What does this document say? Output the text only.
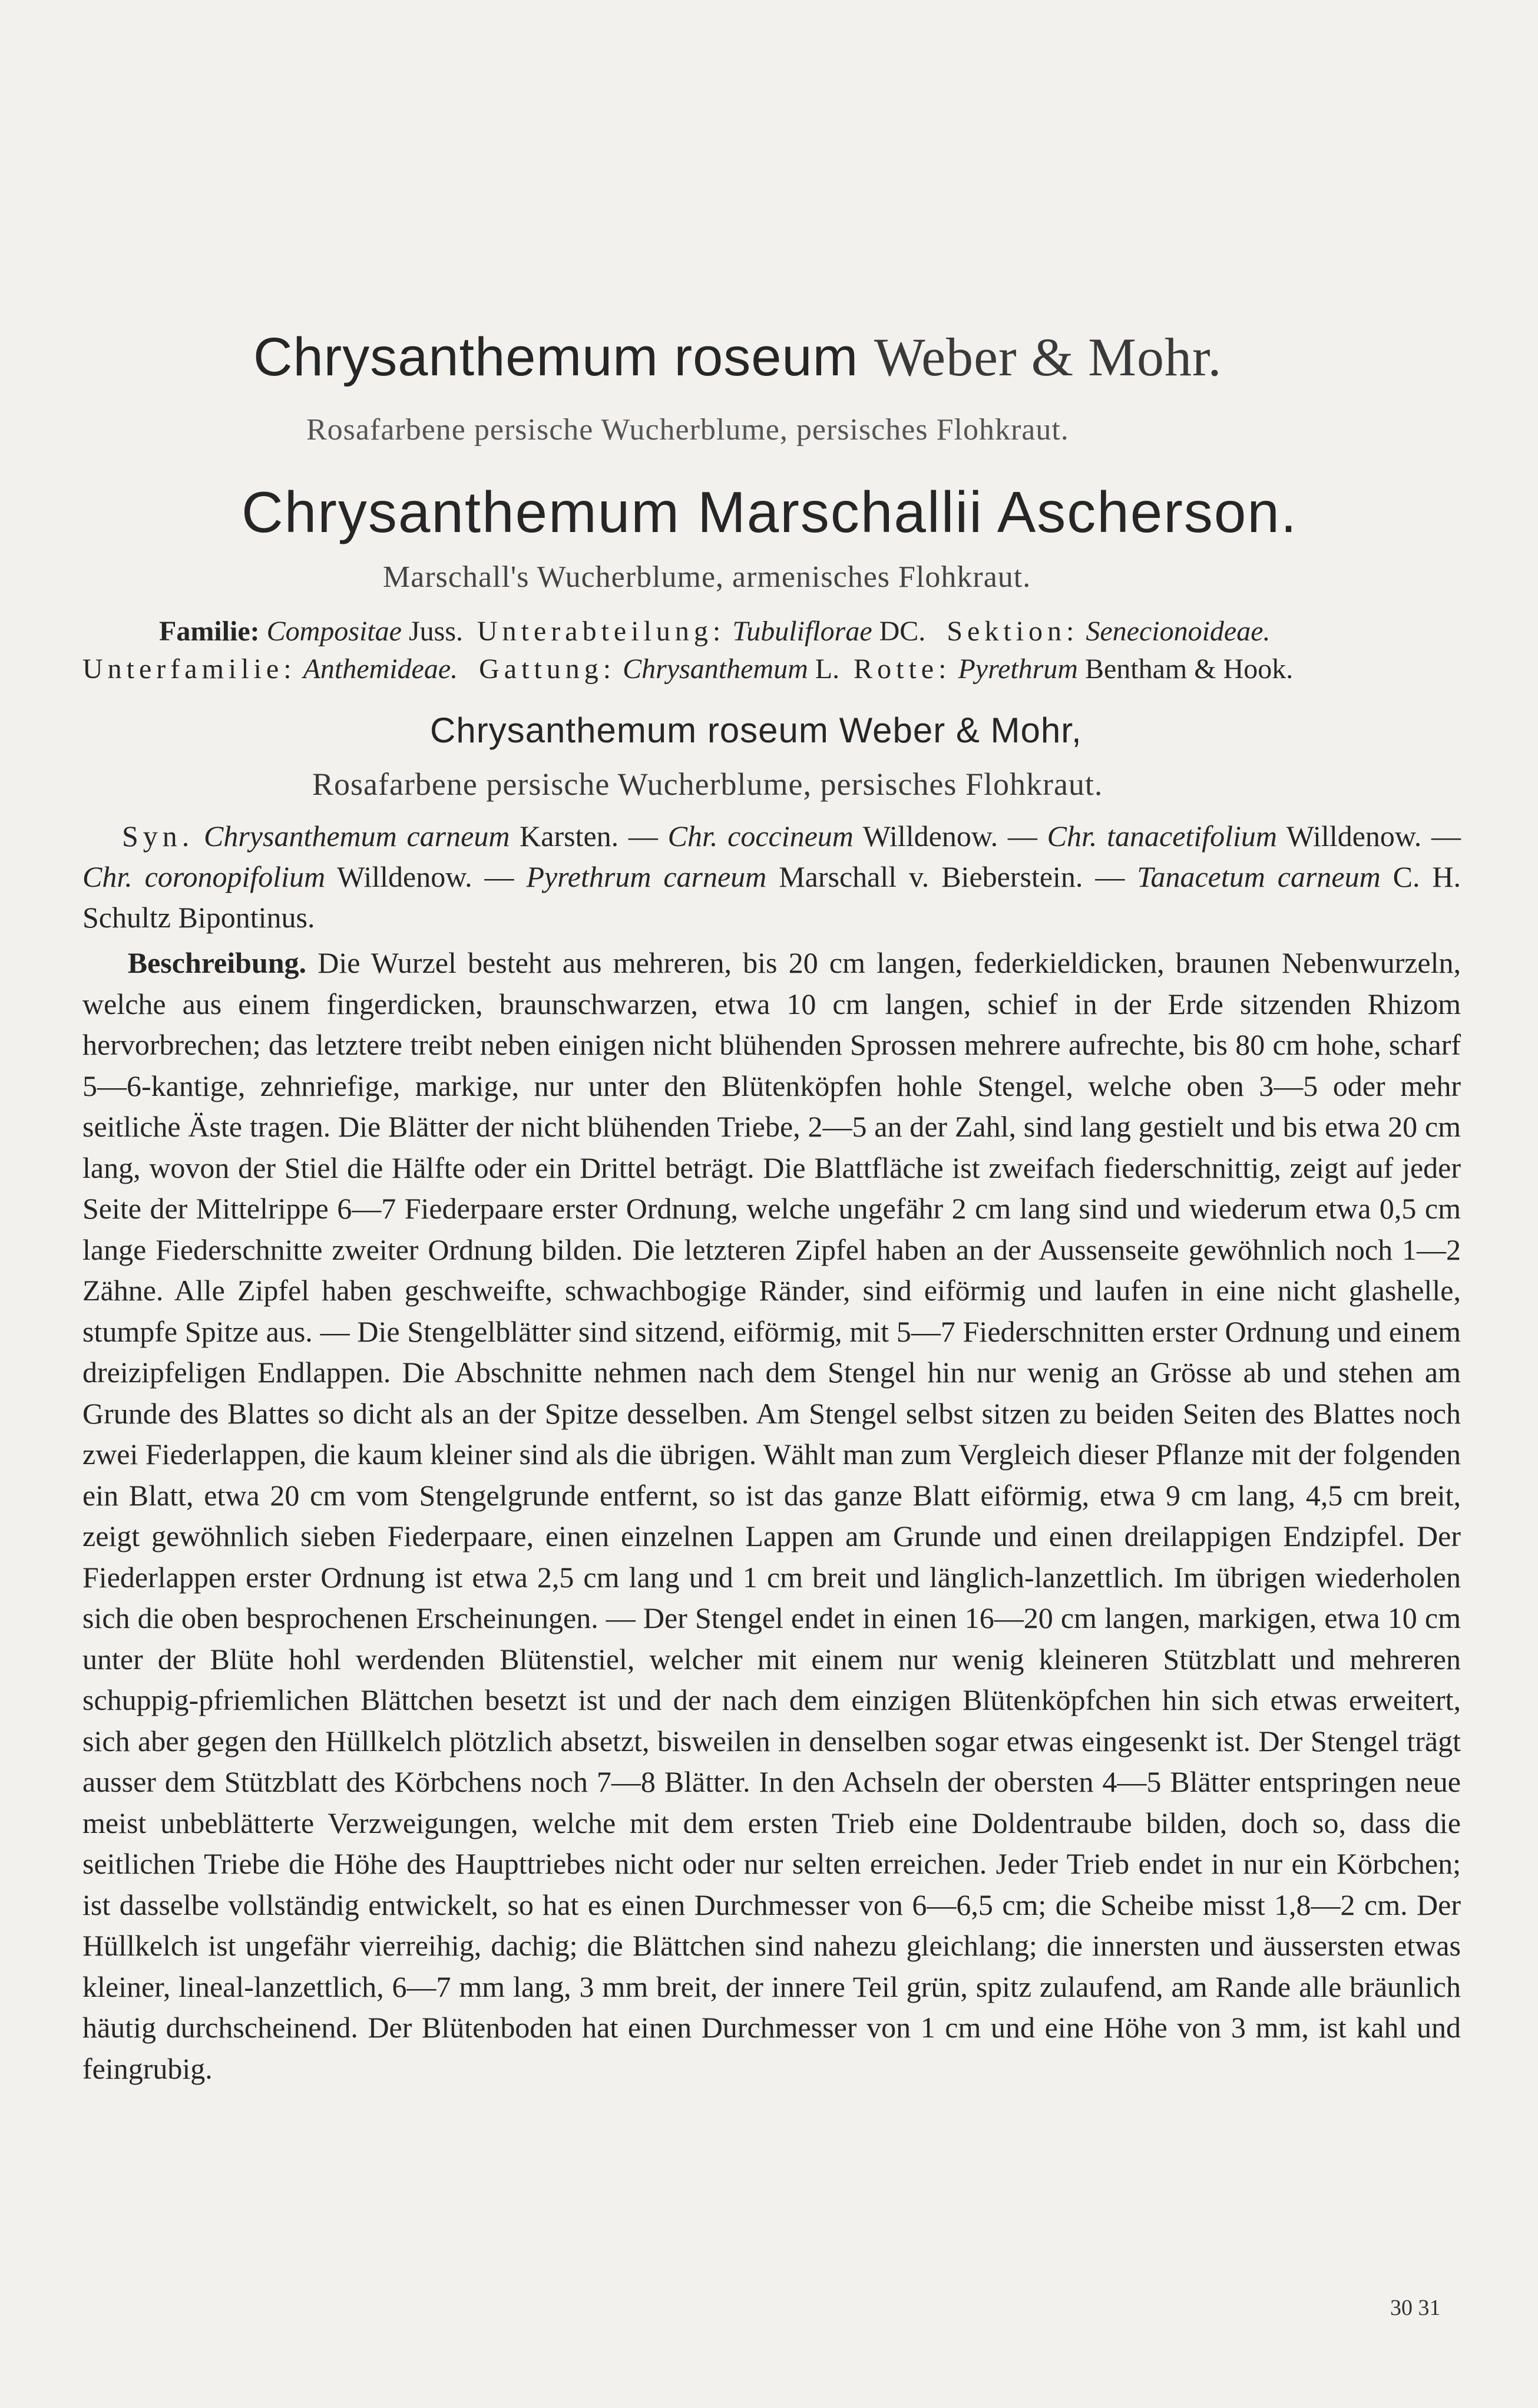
Chrysanthemum roseum Weber & Mohr.
Rosafarbene persische Wucherblume, persisches Flohkraut.
Chrysanthemum Marschallii Ascherson.
Marschall's Wucherblume, armenisches Flohkraut.
Familie: Compositae Juss. Unterabteilung: Tubuliflorae DC. Sektion: Senecionoideae.
Unterfamilie: Anthemideae. Gattung: Chrysanthemum L. Rotte: Pyrethrum Bentham & Hook.
Chrysanthemum roseum Weber & Mohr,
Rosafarbene persische Wucherblume, persisches Flohkraut.
Syn. Chrysanthemum carneum Karsten. — Chr. coccineum Willdenow. — Chr. tanacetifolium Willdenow. — Chr. coronopifolium Willdenow. — Pyrethrum carneum Marschall v. Bieberstein. — Tanacetum carneum C. H. Schultz Bipontinus.
Beschreibung. Die Wurzel besteht aus mehreren, bis 20 cm langen, federkieldicken, braunen Nebenwurzeln, welche aus einem fingerdicken, braunschwarzen, etwa 10 cm langen, schief in der Erde sitzenden Rhizom hervorbrechen; das letztere treibt neben einigen nicht blühenden Sprossen mehrere aufrechte, bis 80 cm hohe, scharf 5—6-kantige, zehnriefige, markige, nur unter den Blütenköpfen hohle Stengel, welche oben 3—5 oder mehr seitliche Äste tragen. Die Blätter der nicht blühenden Triebe, 2—5 an der Zahl, sind lang gestielt und bis etwa 20 cm lang, wovon der Stiel die Hälfte oder ein Drittel beträgt. Die Blattfläche ist zweifach fiederschnittig, zeigt auf jeder Seite der Mittelrippe 6—7 Fiederpaare erster Ordnung, welche ungefähr 2 cm lang sind und wiederum etwa 0,5 cm lange Fiederschnitte zweiter Ordnung bilden. Die letzteren Zipfel haben an der Aussenseite gewöhnlich noch 1—2 Zähne. Alle Zipfel haben geschweifte, schwachbogige Ränder, sind eiförmig und laufen in eine nicht glashelle, stumpfe Spitze aus. — Die Stengelblätter sind sitzend, eiförmig, mit 5—7 Fiederschnitten erster Ordnung und einem dreizipfeligen Endlappen. Die Abschnitte nehmen nach dem Stengel hin nur wenig an Grösse ab und stehen am Grunde des Blattes so dicht als an der Spitze desselben. Am Stengel selbst sitzen zu beiden Seiten des Blattes noch zwei Fiederlappen, die kaum kleiner sind als die übrigen. Wählt man zum Vergleich dieser Pflanze mit der folgenden ein Blatt, etwa 20 cm vom Stengelgrunde entfernt, so ist das ganze Blatt eiförmig, etwa 9 cm lang, 4,5 cm breit, zeigt gewöhnlich sieben Fiederpaare, einen einzelnen Lappen am Grunde und einen dreilappigen Endzipfel. Der Fiederlappen erster Ordnung ist etwa 2,5 cm lang und 1 cm breit und länglich-lanzettlich. Im übrigen wiederholen sich die oben besprochenen Erscheinungen. — Der Stengel endet in einen 16—20 cm langen, markigen, etwa 10 cm unter der Blüte hohl werdenden Blütenstiel, welcher mit einem nur wenig kleineren Stützblatt und mehreren schuppig-pfriemlichen Blättchen besetzt ist und der nach dem einzigen Blütenköpfchen hin sich etwas erweitert, sich aber gegen den Hüllkelch plötzlich absetzt, bisweilen in denselben sogar etwas eingesenkt ist. Der Stengel trägt ausser dem Stützblatt des Körbchens noch 7—8 Blätter. In den Achseln der obersten 4—5 Blätter entspringen neue meist unbeblätterte Verzweigungen, welche mit dem ersten Trieb eine Doldentraube bilden, doch so, dass die seitlichen Triebe die Höhe des Haupttriebes nicht oder nur selten erreichen. Jeder Trieb endet in nur ein Körbchen; ist dasselbe vollständig entwickelt, so hat es einen Durchmesser von 6—6,5 cm; die Scheibe misst 1,8—2 cm. Der Hüllkelch ist ungefähr vierreihig, dachig; die Blättchen sind nahezu gleichlang; die innersten und äussersten etwas kleiner, lineal-lanzettlich, 6—7 mm lang, 3 mm breit, der innere Teil grün, spitz zulaufend, am Rande alle bräunlich häutig durchscheinend. Der Blütenboden hat einen Durchmesser von 1 cm und eine Höhe von 3 mm, ist kahl und feingrubig.
30 31
